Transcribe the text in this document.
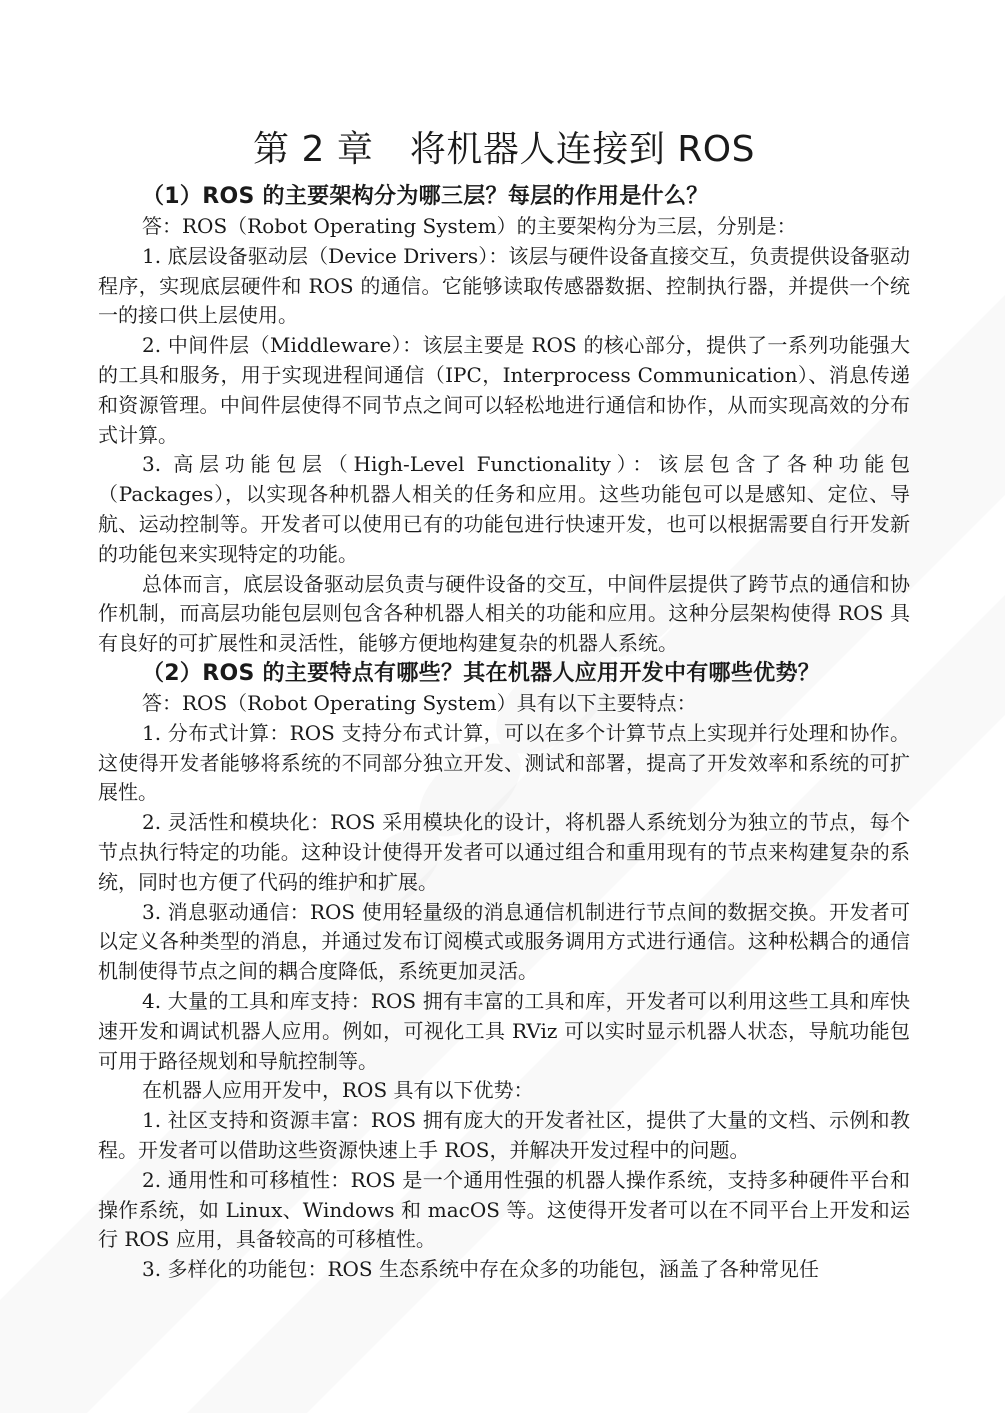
第 2 章　将机器人连接到 ROS
（1）ROS 的主要架构分为哪三层？每层的作用是什么？

答：ROS（Robot Operating System）的主要架构分为三层，分别是：

1. 底层设备驱动层（Device Drivers）：该层与硬件设备直接交互，负责提供设备驱动程序，实现底层硬件和 ROS 的通信。它能够读取传感器数据、控制执行器，并提供一个统一的接口供上层使用。

2. 中间件层（Middleware）：该层主要是 ROS 的核心部分，提供了一系列功能强大的工具和服务，用于实现进程间通信（IPC，Interprocess Communication）、消息传递和资源管理。中间件层使得不同节点之间可以轻松地进行通信和协作，从而实现高效的分布式计算。

3. 高层功能包层（High-Level Functionality）：该层包含了各种功能包（Packages），以实现各种机器人相关的任务和应用。这些功能包可以是感知、定位、导航、运动控制等。开发者可以使用已有的功能包进行快速开发，也可以根据需要自行开发新的功能包来实现特定的功能。

总体而言，底层设备驱动层负责与硬件设备的交互，中间件层提供了跨节点的通信和协作机制，而高层功能包层则包含各种机器人相关的功能和应用。这种分层架构使得 ROS 具有良好的可扩展性和灵活性，能够方便地构建复杂的机器人系统。

（2）ROS 的主要特点有哪些？其在机器人应用开发中有哪些优势？

答：ROS（Robot Operating System）具有以下主要特点：

1. 分布式计算：ROS 支持分布式计算，可以在多个计算节点上实现并行处理和协作。这使得开发者能够将系统的不同部分独立开发、测试和部署，提高了开发效率和系统的可扩展性。

2. 灵活性和模块化：ROS 采用模块化的设计，将机器人系统划分为独立的节点，每个节点执行特定的功能。这种设计使得开发者可以通过组合和重用现有的节点来构建复杂的系统，同时也方便了代码的维护和扩展。

3. 消息驱动通信：ROS 使用轻量级的消息通信机制进行节点间的数据交换。开发者可以定义各种类型的消息，并通过发布订阅模式或服务调用方式进行通信。这种松耦合的通信机制使得节点之间的耦合度降低，系统更加灵活。

4. 大量的工具和库支持：ROS 拥有丰富的工具和库，开发者可以利用这些工具和库快速开发和调试机器人应用。例如，可视化工具 RViz 可以实时显示机器人状态，导航功能包可用于路径规划和导航控制等。

在机器人应用开发中，ROS 具有以下优势：

1. 社区支持和资源丰富：ROS 拥有庞大的开发者社区，提供了大量的文档、示例和教程。开发者可以借助这些资源快速上手 ROS，并解决开发过程中的问题。

2. 通用性和可移植性：ROS 是一个通用性强的机器人操作系统，支持多种硬件平台和操作系统，如 Linux、Windows 和 macOS 等。这使得开发者可以在不同平台上开发和运行 ROS 应用，具备较高的可移植性。

3. 多样化的功能包：ROS 生态系统中存在众多的功能包，涵盖了各种常见任
